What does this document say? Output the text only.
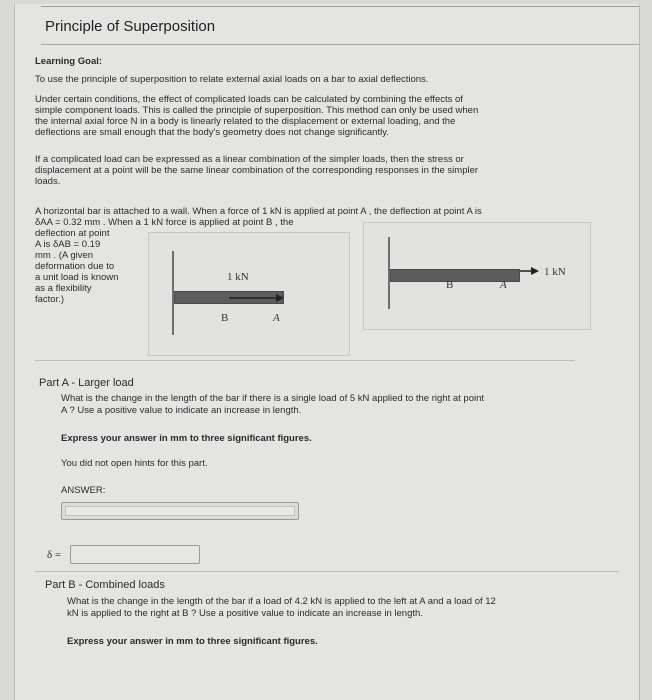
Principle of Superposition
Learning Goal:
To use the principle of superposition to relate external axial loads on a bar to axial deflections.
Under certain conditions, the effect of complicated loads can be calculated by combining the effects of
simple component loads. This is called the principle of superposition. This method can only be used when
the internal axial force N in a body is linearly related to the displacement or external loading, and the
deflections are small enough that the body's geometry does not change significantly.
If a complicated load can be expressed as a linear combination of the simpler loads, then the stress or
displacement at a point will be the same linear combination of the corresponding responses in the simpler
loads.
A horizontal bar is attached to a wall. When a force of 1 kN is applied at point A , the deflection at point A is
δAA = 0.32 mm . When a 1 kN force is applied at point B , the
deflection at point
A is δAB = 0.19
mm . (A given
deformation due to
a unit load is known
as a flexibility
factor.)
1 kN
B	A
B	A
1 kN
Part A - Larger load
What is the change in the length of the bar if there is a single load of 5 kN applied to the right at point
A ? Use a positive value to indicate an increase in length.
Express your answer in mm to three significant figures.
You did not open hints for this part.
ANSWER:
δ =
Part B - Combined loads
What is the change in the length of the bar if a load of 4.2 kN is applied to the left at A and a load of 12
kN is applied to the right at B ? Use a positive value to indicate an increase in length.
Express your answer in mm to three significant figures.
